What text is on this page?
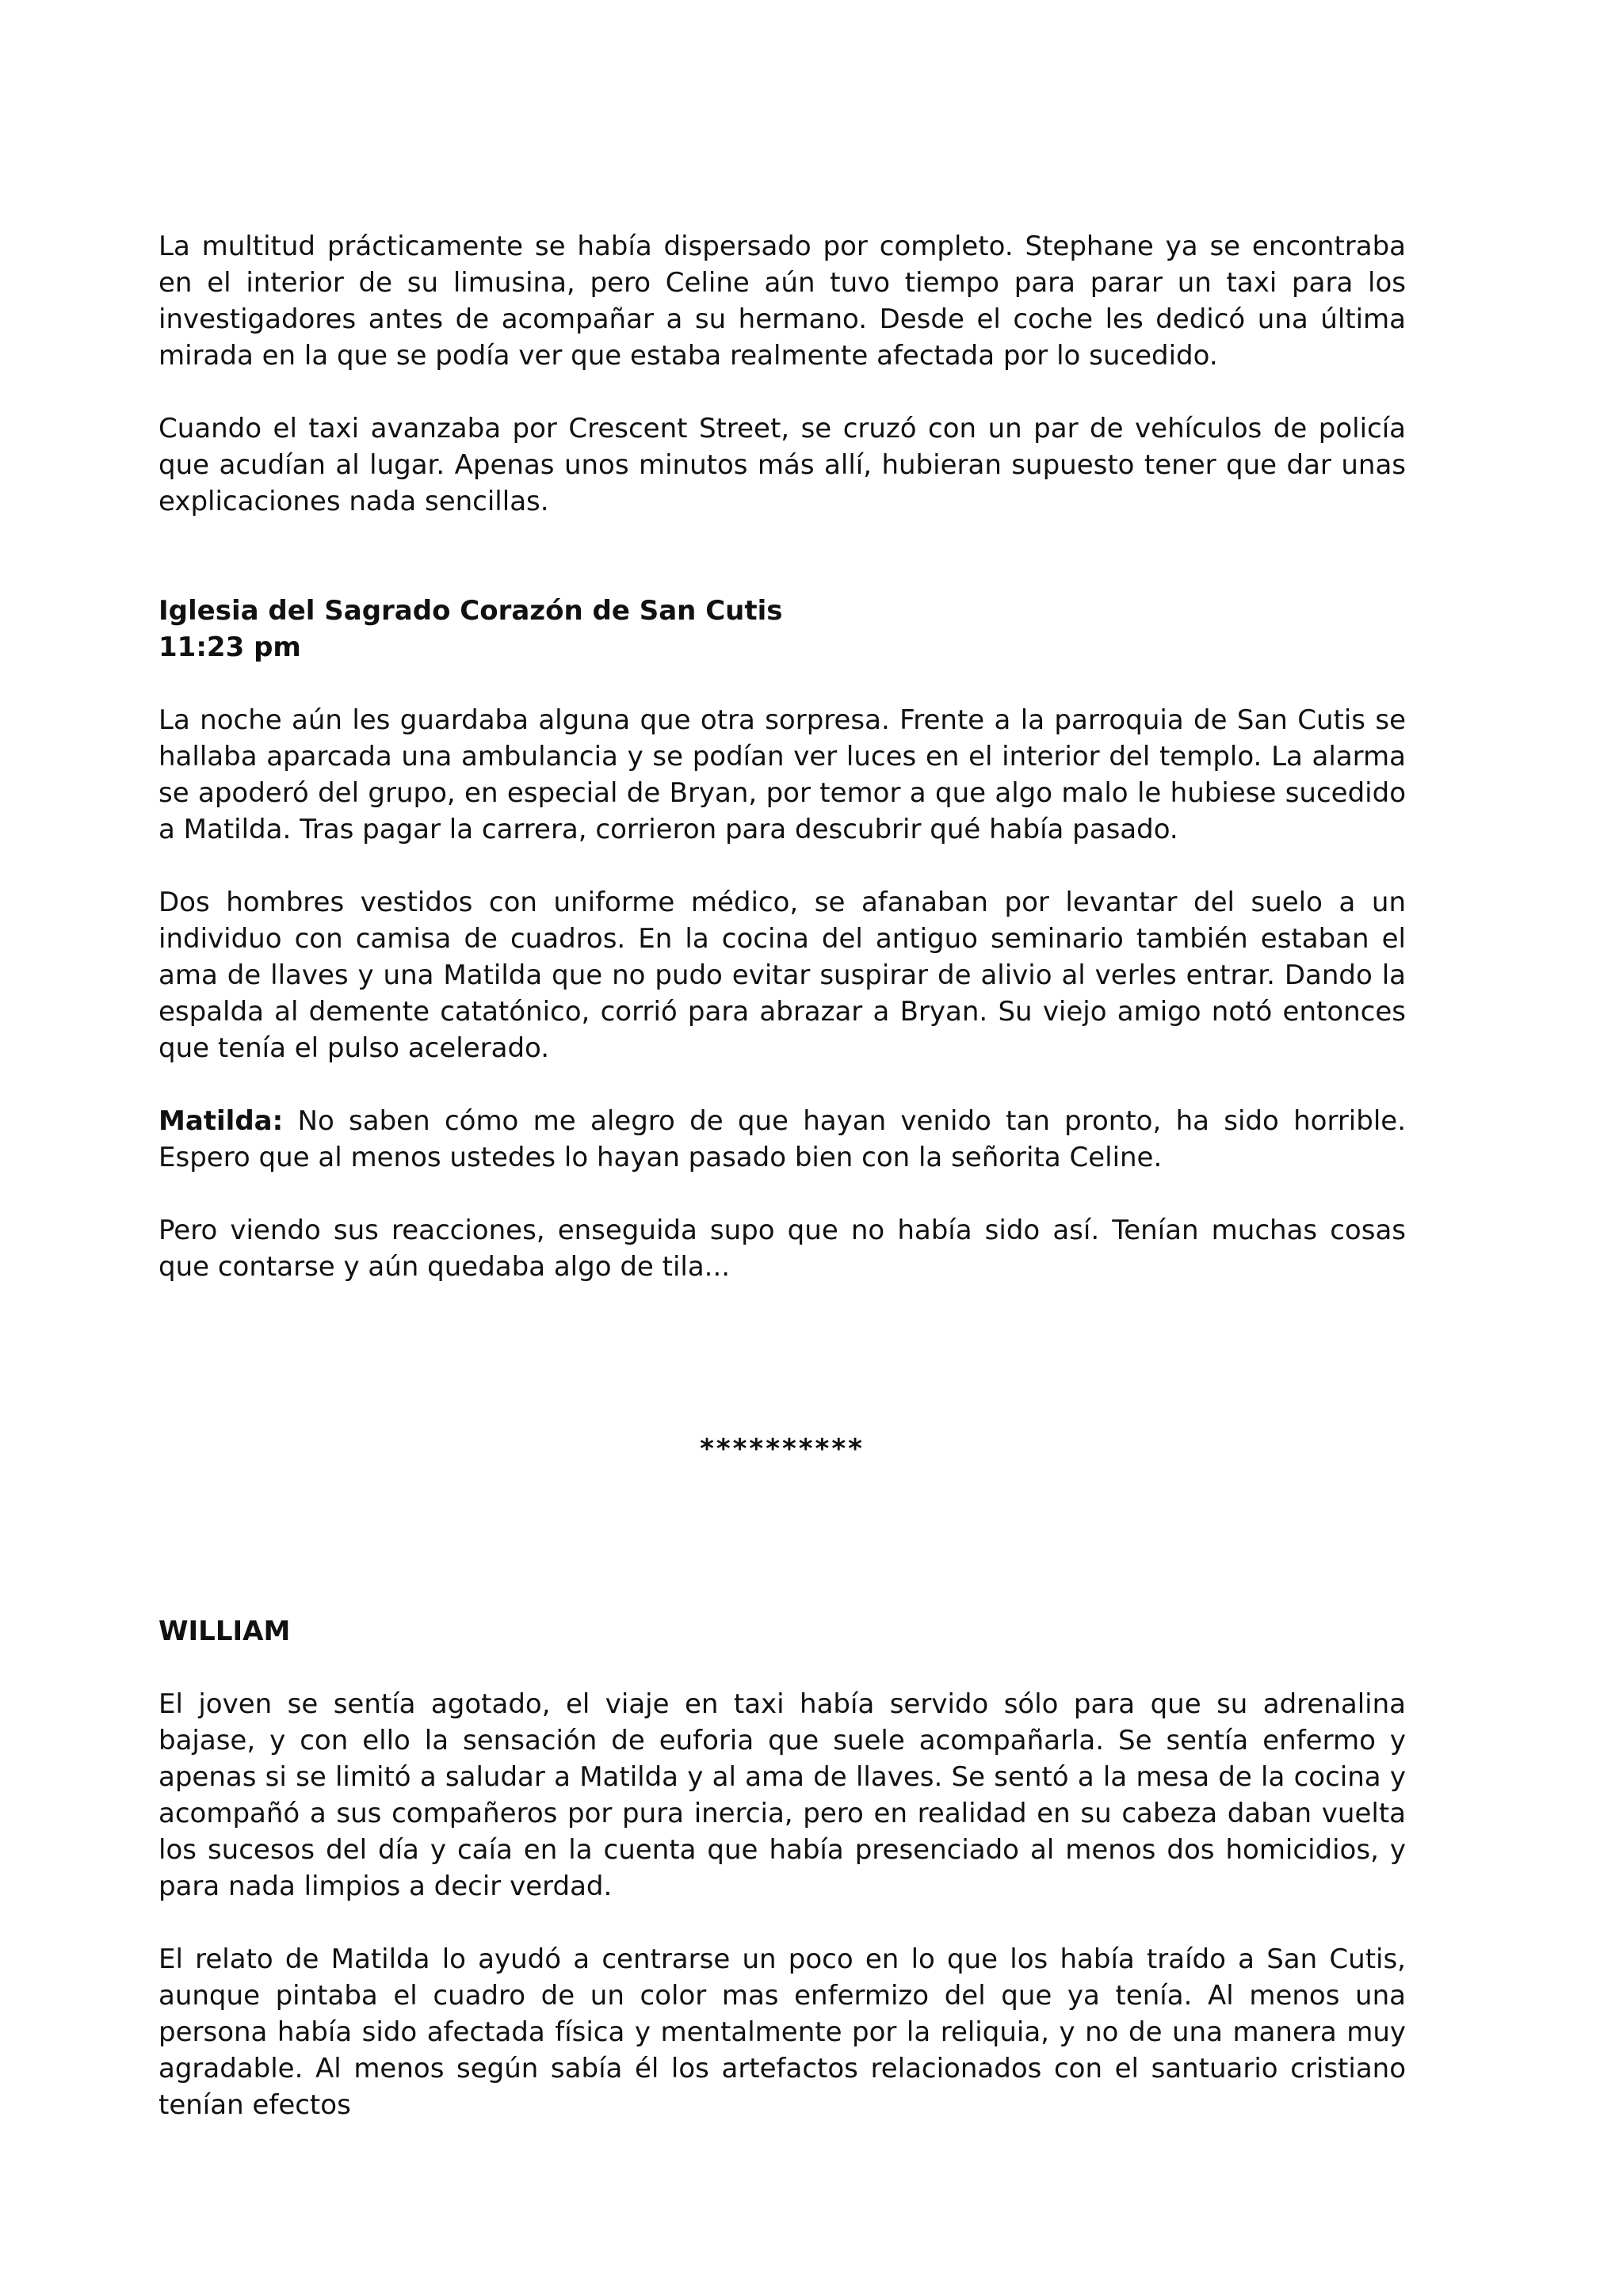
La multitud prácticamente se había dispersado por completo. Stephane ya se encontraba en el interior de su limusina, pero Celine aún tuvo tiempo para parar un taxi para los investigadores antes de acompañar a su hermano. Desde el coche les dedicó una última mirada en la que se podía ver que estaba realmente afectada por lo sucedido.

Cuando el taxi avanzaba por Crescent Street, se cruzó con un par de vehículos de policía que acudían al lugar. Apenas unos minutos más allí, hubieran supuesto tener que dar unas explicaciones nada sencillas.

Iglesia del Sagrado Corazón de San Cutis

11:23 pm

La noche aún les guardaba alguna que otra sorpresa. Frente a la parroquia de San Cutis se hallaba aparcada una ambulancia y se podían ver luces en el interior del templo. La alarma se apoderó del grupo, en especial de Bryan, por temor a que algo malo le hubiese sucedido a Matilda. Tras pagar la carrera, corrieron para descubrir qué había pasado.

Dos hombres vestidos con uniforme médico, se afanaban por levantar del suelo a un individuo con camisa de cuadros. En la cocina del antiguo seminario también estaban el ama de llaves y una Matilda que no pudo evitar suspirar de alivio al verles entrar. Dando la espalda al demente catatónico, corrió para abrazar a Bryan. Su viejo amigo notó entonces que tenía el pulso acelerado.

Matilda: No saben cómo me alegro de que hayan venido tan pronto, ha sido horrible. Espero que al menos ustedes lo hayan pasado bien con la señorita Celine.

Pero viendo sus reacciones, enseguida supo que no había sido así. Tenían muchas cosas que contarse y aún quedaba algo de tila...

**********

WILLIAM

El joven se sentía agotado, el viaje en taxi había servido sólo para que su adrenalina bajase, y con ello la sensación de euforia que suele acompañarla. Se sentía enfermo y apenas si se limitó a saludar a Matilda y al ama de llaves. Se sentó a la mesa de la cocina y acompañó a sus compañeros por pura inercia, pero en realidad en su cabeza daban vuelta los sucesos del día y caía en la cuenta que había presenciado al menos dos homicidios, y para nada limpios a decir verdad.

El relato de Matilda lo ayudó a centrarse un poco en lo que los había traído a San Cutis, aunque pintaba el cuadro de un color mas enfermizo del que ya tenía. Al menos una persona había sido afectada física y mentalmente por la reliquia, y no de una manera muy agradable. Al menos según sabía él los artefactos relacionados con el santuario cristiano tenían efectos
